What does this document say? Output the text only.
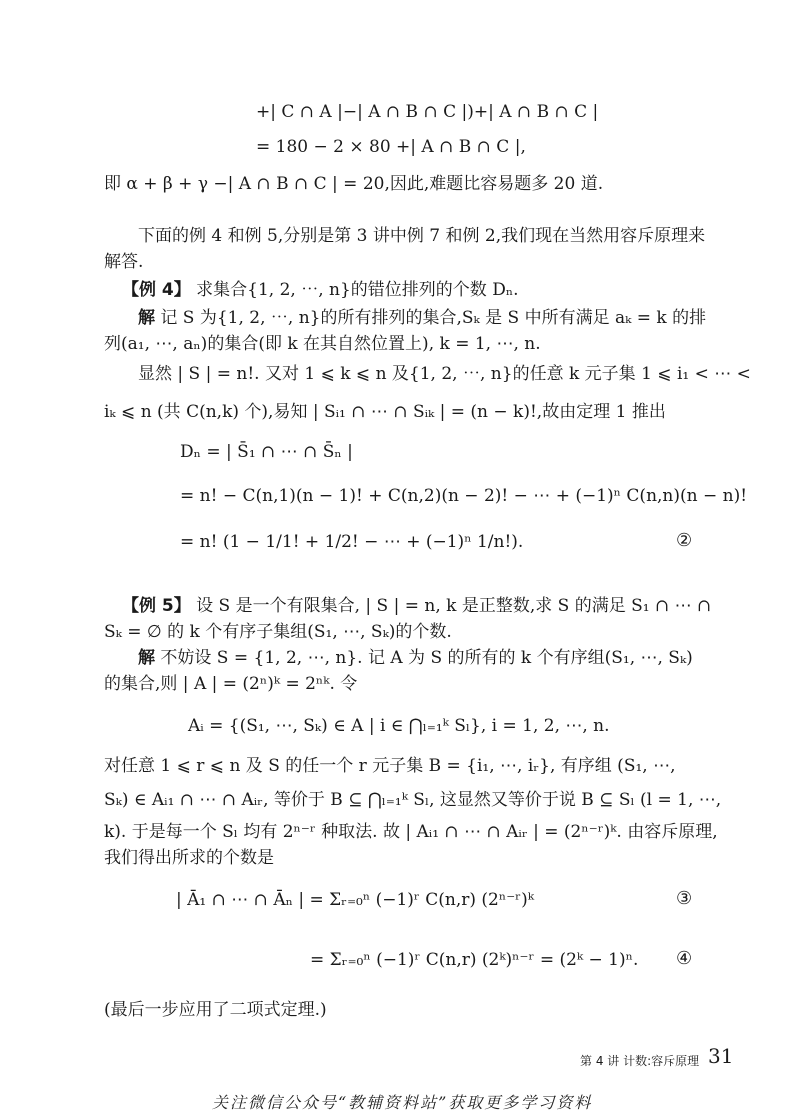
+| C ∩ A |−| A ∩ B ∩ C |)+| A ∩ B ∩ C |
= 180 − 2 × 80 +| A ∩ B ∩ C |,
即 α + β + γ −| A ∩ B ∩ C | = 20,因此,难题比容易题多 20 道.
下面的例 4 和例 5,分别是第 3 讲中例 7 和例 2,我们现在当然用容斥原理来
解答.
【例 4】 求集合{1, 2, ⋯, n}的错位排列的个数 Dₙ.
解 记 S 为{1, 2, ⋯, n}的所有排列的集合,Sₖ 是 S 中所有满足 aₖ = k 的排
列(a₁, ⋯, aₙ)的集合(即 k 在其自然位置上), k = 1, ⋯, n.
显然 | S | = n!. 又对 1 ⩽ k ⩽ n 及{1, 2, ⋯, n}的任意 k 元子集 1 ⩽ i₁ < ⋯ <
iₖ ⩽ n (共 C(n,k) 个),易知 | Sᵢ₁ ∩ ⋯ ∩ Sᵢₖ | = (n − k)!,故由定理 1 推出
Dₙ = | S̄₁ ∩ ⋯ ∩ S̄ₙ |
= n! − C(n,1)(n − 1)! + C(n,2)(n − 2)! − ⋯ + (−1)ⁿ C(n,n)(n − n)!
= n! (1 − 1/1! + 1/2! − ⋯ + (−1)ⁿ 1/n!).	②
【例 5】 设 S 是一个有限集合, | S | = n, k 是正整数,求 S 的满足 S₁ ∩ ⋯ ∩
Sₖ = ∅ 的 k 个有序子集组(S₁, ⋯, Sₖ)的个数.
解 不妨设 S = {1, 2, ⋯, n}. 记 A 为 S 的所有的 k 个有序组(S₁, ⋯, Sₖ)
的集合,则 | A | = (2ⁿ)ᵏ = 2ⁿᵏ. 令
Aᵢ = {(S₁, ⋯, Sₖ) ∈ A | i ∈ ⋂ₗ₌₁ᵏ Sₗ}, i = 1, 2, ⋯, n.
对任意 1 ⩽ r ⩽ n 及 S 的任一个 r 元子集 B = {i₁, ⋯, iᵣ}, 有序组 (S₁, ⋯,
Sₖ) ∈ Aᵢ₁ ∩ ⋯ ∩ Aᵢᵣ, 等价于 B ⊆ ⋂ₗ₌₁ᵏ Sₗ, 这显然又等价于说 B ⊆ Sₗ (l = 1, ⋯,
k). 于是每一个 Sₗ 均有 2ⁿ⁻ʳ 种取法. 故 | Aᵢ₁ ∩ ⋯ ∩ Aᵢᵣ | = (2ⁿ⁻ʳ)ᵏ. 由容斥原理,
我们得出所求的个数是
| Ā₁ ∩ ⋯ ∩ Āₙ | = Σᵣ₌₀ⁿ (−1)ʳ C(n,r) (2ⁿ⁻ʳ)ᵏ	③
= Σᵣ₌₀ⁿ (−1)ʳ C(n,r) (2ᵏ)ⁿ⁻ʳ = (2ᵏ − 1)ⁿ. ④
(最后一步应用了二项式定理.)
第 4 讲 计数:容斥原理 31
关注微信公众号“教辅资料站”获取更多学习资料
